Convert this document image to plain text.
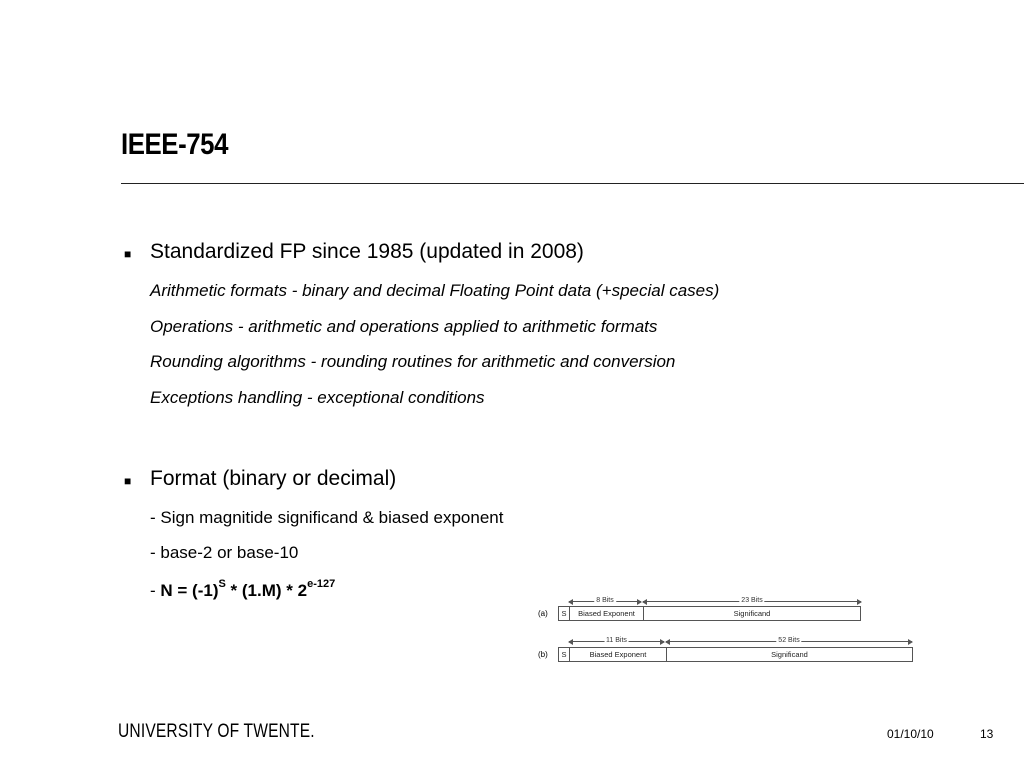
IEEE-754
■ Standardized FP since 1985 (updated in 2008)
Arithmetic formats - binary and decimal Floating Point data (+special cases)
Operations - arithmetic and operations applied to arithmetic formats
Rounding algorithms - rounding routines for arithmetic and conversion
Exceptions handling - exceptional conditions
■ Format (binary or decimal)
- Sign magnitide significand & biased exponent
- base-2 or base-10
- $N = (-1)^S * (1.M) * 2^{e-127}$
8 Bits	23 Bits
(a)	S	Biased Exponent	Significand
11 Bits	52 Bits
(b)	S	Biased Exponent	Significand
UNIVERSITY OF TWENTE.	01/10/10	13
